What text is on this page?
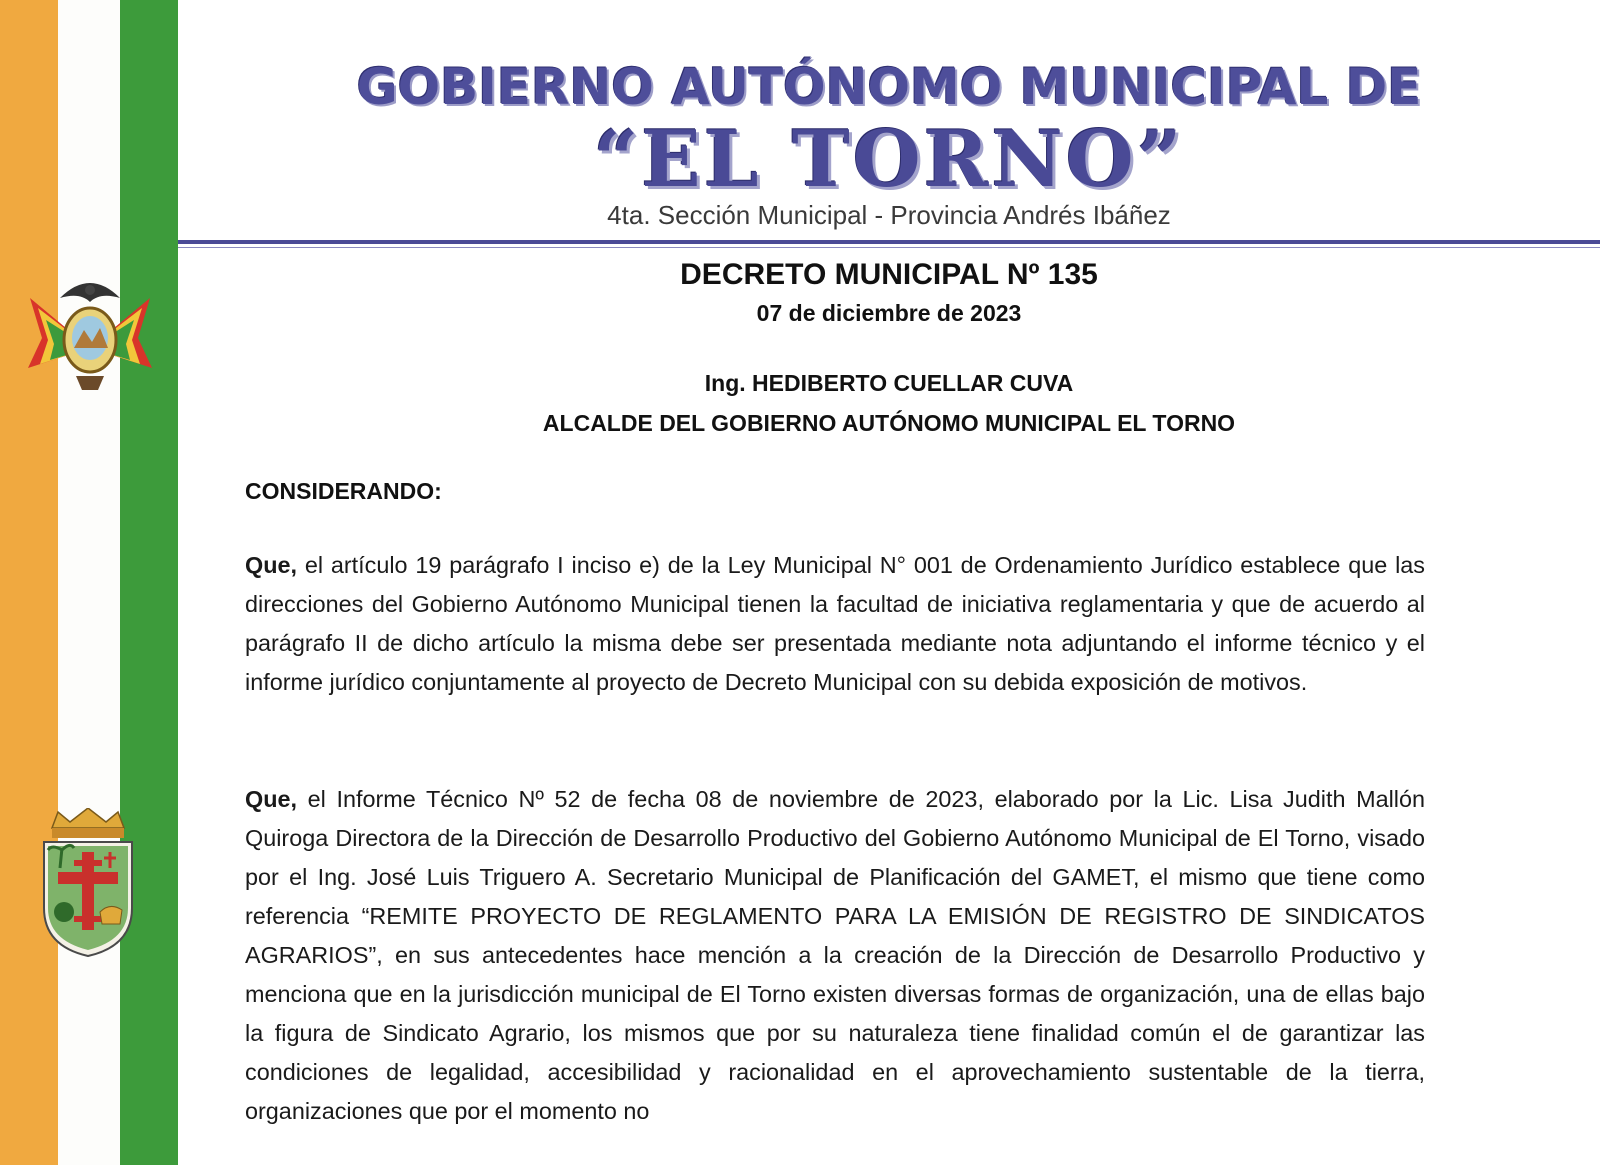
GOBIERNO AUTÓNOMO MUNICIPAL DE
“EL TORNO”
4ta. Sección Municipal - Provincia Andrés Ibáñez
DECRETO MUNICIPAL Nº 135
07 de diciembre de 2023
Ing. HEDIBERTO CUELLAR CUVA
ALCALDE DEL GOBIERNO AUTÓNOMO MUNICIPAL EL TORNO
CONSIDERANDO:
Que, el artículo 19 parágrafo I inciso e) de la Ley Municipal N° 001 de Ordenamiento Jurídico establece que las direcciones del Gobierno Autónomo Municipal tienen la facultad de iniciativa reglamentaria y que de acuerdo al parágrafo II de dicho artículo la misma debe ser presentada mediante nota adjuntando el informe técnico y el informe jurídico conjuntamente al proyecto de Decreto Municipal con su debida exposición de motivos.
Que, el Informe Técnico Nº 52 de fecha 08 de noviembre de 2023, elaborado por la Lic. Lisa Judith Mallón Quiroga Directora de la Dirección de Desarrollo Productivo del Gobierno Autónomo Municipal de El Torno, visado por el Ing. José Luis Triguero A. Secretario Municipal de Planificación del GAMET, el mismo que tiene como referencia “REMITE PROYECTO DE REGLAMENTO PARA LA EMISIÓN DE REGISTRO DE SINDICATOS AGRARIOS”, en sus antecedentes hace mención a la creación de la Dirección de Desarrollo Productivo y menciona que en la jurisdicción municipal de El Torno existen diversas formas de organización, una de ellas bajo la figura de Sindicato Agrario, los mismos que por su naturaleza tiene finalidad común el de garantizar las condiciones de legalidad, accesibilidad y racionalidad en el aprovechamiento sustentable de la tierra, organizaciones que por el momento no
